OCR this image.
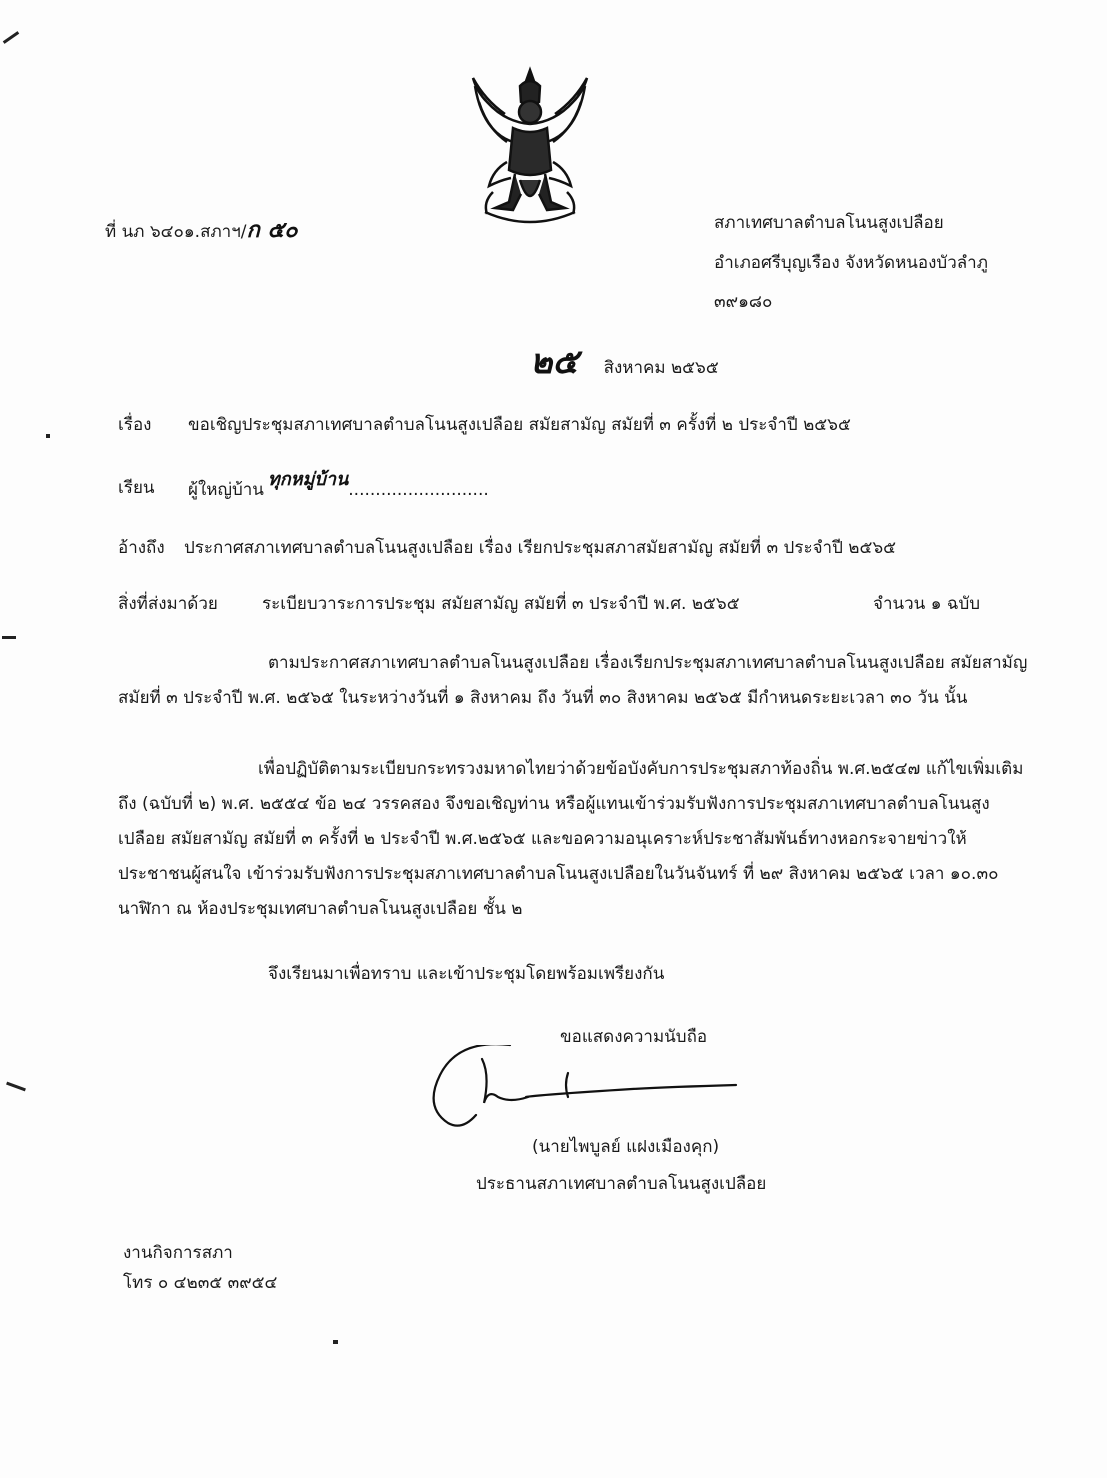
ที่ นภ ๖๔๐๑.สภาฯ/ก ๕๐	สภาเทศบาลตำบลโนนสูงเปลือย
อำเภอศรีบุญเรือง จังหวัดหนองบัวลำภู
๓๙๑๘๐
๒๕ สิงหาคม ๒๕๖๕
เรื่อง ขอเชิญประชุมสภาเทศบาลตำบลโนนสูงเปลือย สมัยสามัญ สมัยที่ ๓ ครั้งที่ ๒ ประจำปี ๒๕๖๕
เรียน ผู้ใหญ่บ้าน ทุกหมู่บ้าน..........................
อ้างถึง ประกาศสภาเทศบาลตำบลโนนสูงเปลือย เรื่อง เรียกประชุมสภาสมัยสามัญ สมัยที่ ๓ ประจำปี ๒๕๖๕
สิ่งที่ส่งมาด้วย	ระเบียบวาระการประชุม สมัยสามัญ สมัยที่ ๓ ประจำปี พ.ศ. ๒๕๖๕	จำนวน ๑ ฉบับ
ตามประกาศสภาเทศบาลตำบลโนนสูงเปลือย เรื่องเรียกประชุมสภาเทศบาลตำบลโนนสูงเปลือย สมัยสามัญ สมัยที่ ๓ ประจำปี พ.ศ. ๒๕๖๕ ในระหว่างวันที่ ๑ สิงหาคม ถึง วันที่ ๓๐ สิงหาคม ๒๕๖๕ มีกำหนดระยะเวลา ๓๐ วัน นั้น
เพื่อปฏิบัติตามระเบียบกระทรวงมหาดไทยว่าด้วยข้อบังคับการประชุมสภาท้องถิ่น พ.ศ.๒๕๔๗ แก้ไขเพิ่มเติมถึง (ฉบับที่ ๒) พ.ศ. ๒๕๕๔ ข้อ ๒๔ วรรคสอง จึงขอเชิญท่าน หรือผู้แทนเข้าร่วมรับฟังการประชุมสภาเทศบาลตำบลโนนสูงเปลือย สมัยสามัญ สมัยที่ ๓ ครั้งที่ ๒ ประจำปี พ.ศ.๒๕๖๕ และขอความอนุเคราะห์ประชาสัมพันธ์ทางหอกระจายข่าวให้ประชาชนผู้สนใจ เข้าร่วมรับฟังการประชุมสภาเทศบาลตำบลโนนสูงเปลือยในวันจันทร์ ที่ ๒๙ สิงหาคม ๒๕๖๕ เวลา ๑๐.๓๐ นาฬิกา ณ ห้องประชุมเทศบาลตำบลโนนสูงเปลือย ชั้น ๒
จึงเรียนมาเพื่อทราบ และเข้าประชุมโดยพร้อมเพรียงกัน
ขอแสดงความนับถือ
(นายไพบูลย์ แฝงเมืองคุก)
ประธานสภาเทศบาลตำบลโนนสูงเปลือย
งานกิจการสภา
โทร ๐ ๔๒๓๕ ๓๙๕๔
